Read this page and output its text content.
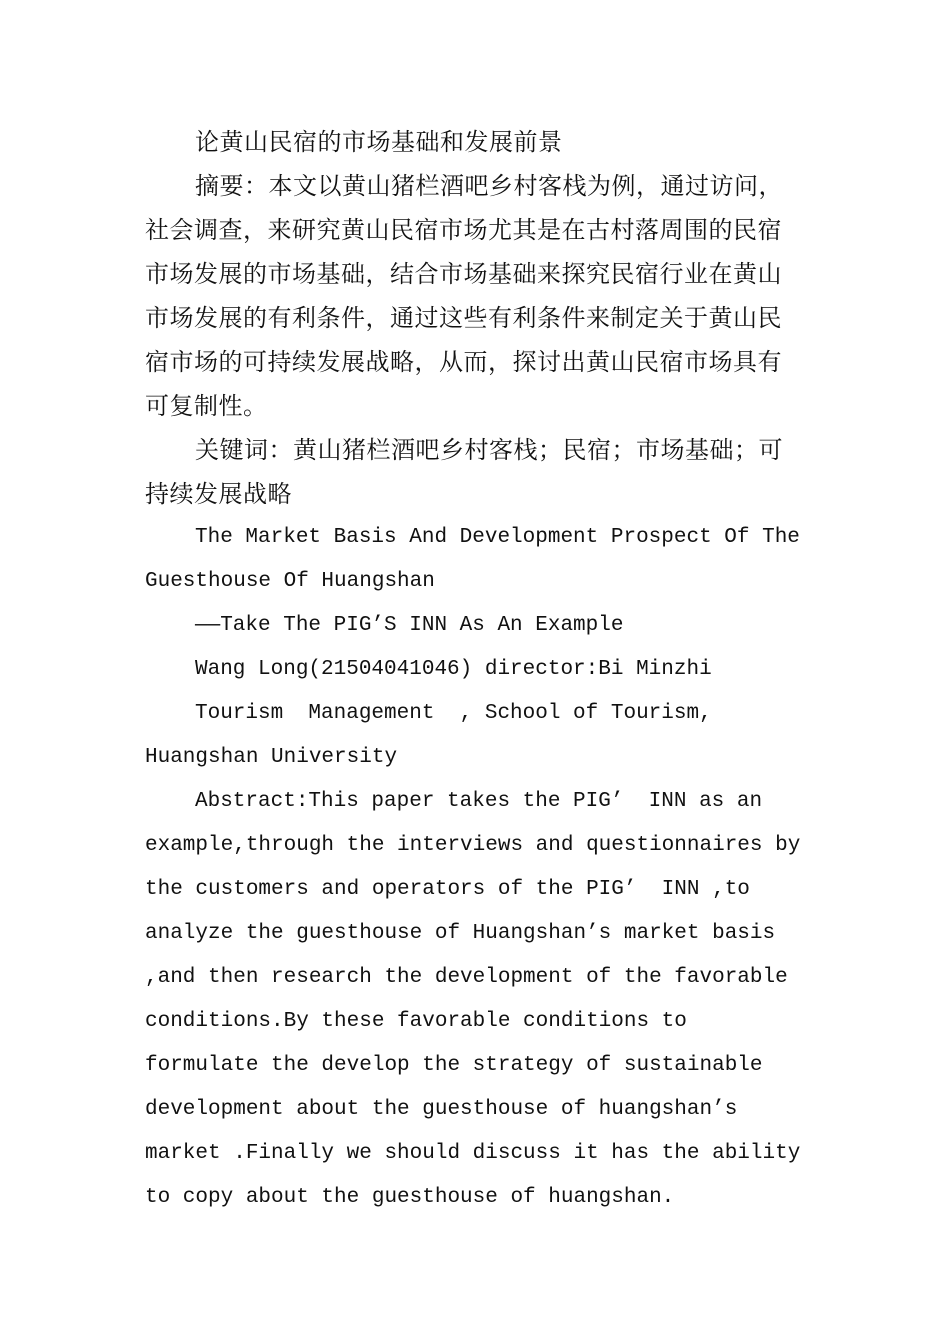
论黄山民宿的市场基础和发展前景

摘要：本文以黄山猪栏酒吧乡村客栈为例，通过访问，社会调查，来研究黄山民宿市场尤其是在古村落周围的民宿市场发展的市场基础，结合市场基础来探究民宿行业在黄山市场发展的有利条件，通过这些有利条件来制定关于黄山民宿市场的可持续发展战略，从而，探讨出黄山民宿市场具有可复制性。

关键词：黄山猪栏酒吧乡村客栈；民宿；市场基础；可持续发展战略

The Market Basis And Development Prospect Of The Guesthouse Of Huangshan

——Take The PIG’S INN As An Example

Wang Long(21504041046) director:Bi Minzhi

Tourism  Management  , School of Tourism, Huangshan University

Abstract:This paper takes the PIG’  INN as an example,through the interviews and questionnaires by the customers and operators of the PIG’  INN ,to analyze the guesthouse of Huangshan’s market basis ,and then research the development of the favorable conditions.By these favorable conditions to formulate the develop the strategy of sustainable development about the guesthouse of huangshan’s market .Finally we should discuss it has the ability to copy about the guesthouse of huangshan.
